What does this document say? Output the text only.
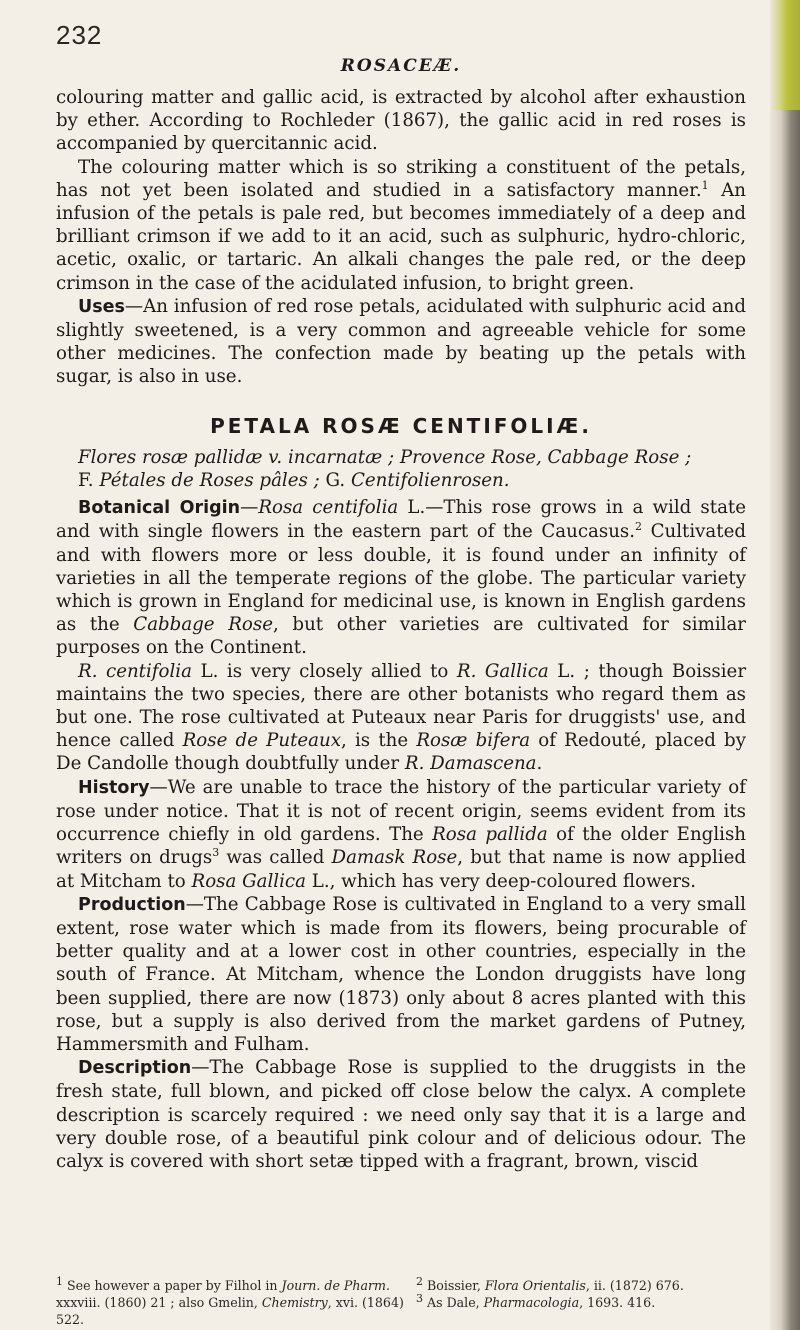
232
ROSACEÆ.

colouring matter and gallic acid, is extracted by alcohol after exhaustion by ether. According to Rochleder (1867), the gallic acid in red roses is accompanied by quercitannic acid.

The colouring matter which is so striking a constituent of the petals, has not yet been isolated and studied in a satisfactory manner.$^1$ An infusion of the petals is pale red, but becomes immediately of a deep and brilliant crimson if we add to it an acid, such as sulphuric, hydro-chloric, acetic, oxalic, or tartaric. An alkali changes the pale red, or the deep crimson in the case of the acidulated infusion, to bright green.

Uses—An infusion of red rose petals, acidulated with sulphuric acid and slightly sweetened, is a very common and agreeable vehicle for some other medicines. The confection made by beating up the petals with sugar, is also in use.

PETALA ROSÆ CENTIFOLIÆ.
Flores rosæ pallidæ v. incarnatæ ; Provence Rose, Cabbage Rose ;
F. Pétales de Roses pâles ; G. Centifolienrosen.

Botanical Origin—Rosa centifolia L.—This rose grows in a wild state and with single flowers in the eastern part of the Caucasus.$^2$ Cultivated and with flowers more or less double, it is found under an infinity of varieties in all the temperate regions of the globe. The particular variety which is grown in England for medicinal use, is known in English gardens as the Cabbage Rose, but other varieties are cultivated for similar purposes on the Continent.

R. centifolia L. is very closely allied to R. Gallica L. ; though Boissier maintains the two species, there are other botanists who regard them as but one. The rose cultivated at Puteaux near Paris for druggists' use, and hence called Rose de Puteaux, is the Rosæ bifera of Redouté, placed by De Candolle though doubtfully under R. Damascena.

History—We are unable to trace the history of the particular variety of rose under notice. That it is not of recent origin, seems evident from its occurrence chiefly in old gardens. The Rosa pallida of the older English writers on drugs$^3$ was called Damask Rose, but that name is now applied at Mitcham to Rosa Gallica L., which has very deep-coloured flowers.

Production—The Cabbage Rose is cultivated in England to a very small extent, rose water which is made from its flowers, being procurable of better quality and at a lower cost in other countries, especially in the south of France. At Mitcham, whence the London druggists have long been supplied, there are now (1873) only about 8 acres planted with this rose, but a supply is also derived from the market gardens of Putney, Hammersmith and Fulham.

Description—The Cabbage Rose is supplied to the druggists in the fresh state, full blown, and picked off close below the calyx. A complete description is scarcely required : we need only say that it is a large and very double rose, of a beautiful pink colour and of delicious odour. The calyx is covered with short setæ tipped with a fragrant, brown, viscid

$^1$ See however a paper by Filhol in Journ. de Pharm. xxxviii. (1860) 21 ; also Gmelin, Chemistry, xvi. (1864) 522.
$^2$ Boissier, Flora Orientalis, ii. (1872) 676.
$^3$ As Dale, Pharmacologia, 1693. 416.
